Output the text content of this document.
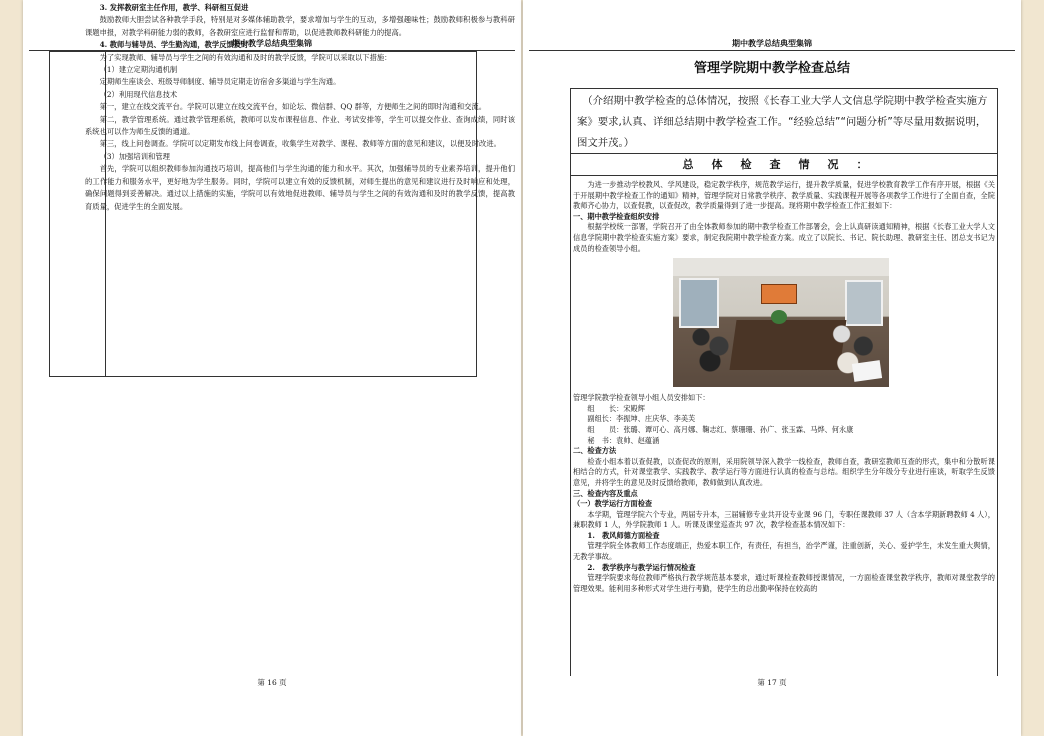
期中教学总结典型集锦
3. 发挥教研室主任作用，教学、科研相互促进

鼓励教师大胆尝试各种教学手段，特别是对多媒体辅助教学，要求增加与学生的互动，多增强趣味性；鼓励教师积极参与教科研课题申报，对教学科研能力弱的教师，各教研室应进行监督和帮助，以促进教师教科研能力的提高。

4. 教师与辅导员、学生勤沟通，教学反馈及时

为了实现教师、辅导员与学生之间的有效沟通和及时的教学反馈，学院可以采取以下措施：

（1）建立定期沟通机制

定期师生座谈会、班级导师制度、辅导员定期走访宿舍多渠道与学生沟通。

（2）利用现代信息技术

第一，建立在线交流平台。学院可以建立在线交流平台，如论坛、微信群、QQ 群等，方便师生之间的即时沟通和交流。

第二，教学管理系统。通过教学管理系统，教师可以发布课程信息、作业、考试安排等，学生可以提交作业、查询成绩，同时该系统也可以作为师生反馈的通道。

第三，线上问卷调查。学院可以定期发布线上问卷调查，收集学生对教学、课程、教师等方面的意见和建议，以便及时改进。

（3）加强培训和管理

首先，学院可以组织教师参加沟通技巧培训，提高他们与学生沟通的能力和水平。其次，加强辅导员的专业素养培训，提升他们的工作能力和服务水平，更好地为学生服务。同时，学院可以建立有效的反馈机制，对师生提出的意见和建议进行及时响应和处理，确保问题得到妥善解决。通过以上措施的实施，学院可以有效地促进教师、辅导员与学生之间的有效沟通和及时的教学反馈，提高教育质量，促进学生的全面发展。

第 16 页
期中教学总结典型集锦
管理学院期中教学检查总结
（介绍期中教学检查的总体情况，按照《长春工业大学人文信息学院期中教学检查实施方案》要求,认真、详细总结期中教学检查工作。“经验总结”“问题分析”等尽量用数据说明，图文并茂。）
总体检查情况：

为进一步推动学校教风、学风建设，稳定教学秩序，规范教学运行，提升教学质量，促进学校教育教学工作有序开展，根据《关于开展期中教学检查工作的通知》精神，管理学院对日常教学秩序、教学质量、实践课程开展等各项教学工作进行了全面自查，全院教师齐心协力，以查促教，以查促改，教学质量得到了进一步提高。现将期中教学检查工作汇报如下：

一、期中教学检查组织安排

根据学校统一部署，学院召开了由全体教师参加的期中教学检查工作部署会，会上认真研读通知精神，根据《长春工业大学人文信息学院期中教学检查实施方案》要求，制定我院期中教学检查方案。成立了以院长、书记、院长助理、教研室主任、团总支书记为成员的检查领导小组。

管理学院教学检查领导小组人员安排如下：
组　　长：宋殿辉
副组长：李振坤、庄庆华、李美芙
组　　员：张璐、谭可心、高月娜、鞠志红、蔡珊珊、孙广、张玉霖、马烨、何永康
秘　书：袁帅、赵蕴涵
二、检查方法

检查小组本着以查促教，以查促改的原则，采用院领导深入教学一线检查，教师自查，教研室教师互查的形式，集中和分散听课相结合的方式，针对课堂教学、实践教学、教学运行等方面进行认真的检查与总结。组织学生分年级分专业进行座谈，听取学生反馈意见，并将学生的意见及时反馈给教师，教师做到认真改进。

三、检查内容及重点
（一）教学运行方面检查

本学期，管理学院六个专业，两届专升本，三届辅修专业共开设专业课 96 门，专职任课教师 37 人（含本学期新聘教师 4 人），兼职教师 1 人，外学院教师 1 人。听课及课堂巡查共 97 次，教学检查基本情况如下：

1.　教风师德方面检查

管理学院全体教师工作态度端正，热爱本职工作，有责任，有担当，治学严谨，注重创新，关心、爱护学生，未发生重大舆情，无教学事故。

2.　教学秩序与教学运行情况检查

管理学院要求每位教师严格执行教学规范基本要求，通过听课检查教师授课情况，一方面检查课堂教学秩序，教师对课堂教学的管理效果。能利用多种形式对学生进行考勤，使学生的总出勤率保持在较高的

第 17 页
